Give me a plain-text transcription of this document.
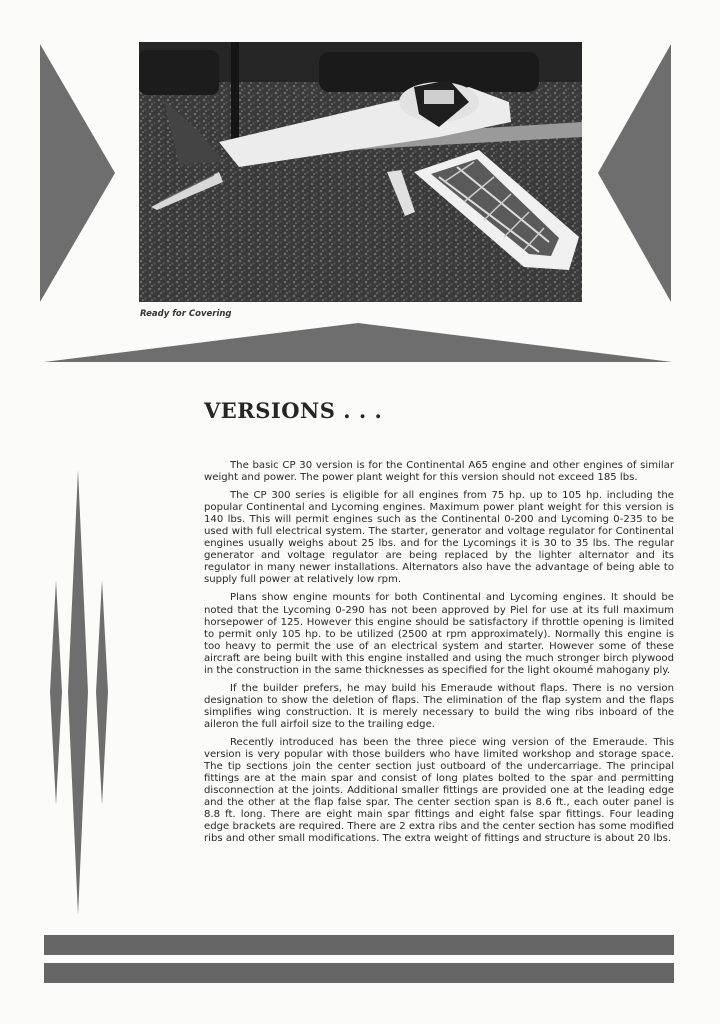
Ready for Covering
VERSIONS . . .

The basic CP 30 version is for the Continental A65 engine and other engines of similar weight and power. The power plant weight for this version should not exceed 185 lbs.

The CP 300 series is eligible for all engines from 75 hp. up to 105 hp. including the popular Continental and Lycoming engines. Maximum power plant weight for this version is 140 lbs. This will permit engines such as the Continental 0-200 and Lycoming 0-235 to be used with full electrical system. The starter, generator and voltage regulator for Continental engines usually weighs about 25 lbs. and for the Lycomings it is 30 to 35 lbs. The regular generator and voltage regulator are being replaced by the lighter alternator and its regulator in many newer installations. Alternators also have the advantage of being able to supply full power at relatively low rpm.

Plans show engine mounts for both Continental and Lycoming engines. It should be noted that the Lycoming 0-290 has not been approved by Piel for use at its full maximum horsepower of 125. However this engine should be satisfactory if throttle opening is limited to permit only 105 hp. to be utilized (2500 at rpm approximately). Normally this engine is too heavy to permit the use of an electrical system and starter. However some of these aircraft are being built with this engine installed and using the much stronger birch plywood in the construction in the same thicknesses as specified for the light okoumé mahogany ply.

If the builder prefers, he may build his Emeraude without flaps. There is no version designation to show the deletion of flaps. The elimination of the flap system and the flaps simplifies wing construction. It is merely necessary to build the wing ribs inboard of the aileron the full airfoil size to the trailing edge.

Recently introduced has been the three piece wing version of the Emeraude. This version is very popular with those builders who have limited workshop and storage space. The tip sections join the center section just outboard of the undercarriage. The principal fittings are at the main spar and consist of long plates bolted to the spar and permitting disconnection at the joints. Additional smaller fittings are provided one at the leading edge and the other at the flap false spar. The center section span is 8.6 ft., each outer panel is 8.8 ft. long. There are eight main spar fittings and eight false spar fittings. Four leading edge brackets are required. There are 2 extra ribs and the center section has some modified ribs and other small modifications. The extra weight of fittings and structure is about 20 lbs.
